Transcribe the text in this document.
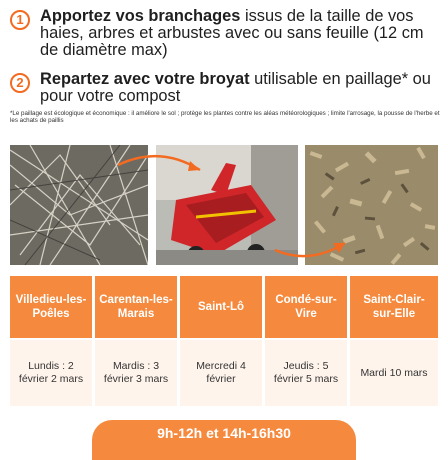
1 Apportez vos branchages issus de la taille de vos haies, arbres et arbustes avec ou sans feuille (12 cm de diamètre max)
2 Repartez avec votre broyat utilisable en paillage* ou pour votre compost
*Le paillage est écologique et économique : il améliore le sol ; protège les plantes contre les aléas météorologiques ; limite l'arrosage, la pousse de l'herbe et les achats de paillis
Villedieu-les-Poêles
Lundis : 2 février 2 mars
Carentan-les-Marais
Mardis : 3 février 3 mars
Saint-Lô
Mercredi 4 février
Condé-sur-Vire
Jeudis : 5 février 5 mars
Saint-Clair-sur-Elle
Mardi 10 mars
9h-12h et 14h-16h30
